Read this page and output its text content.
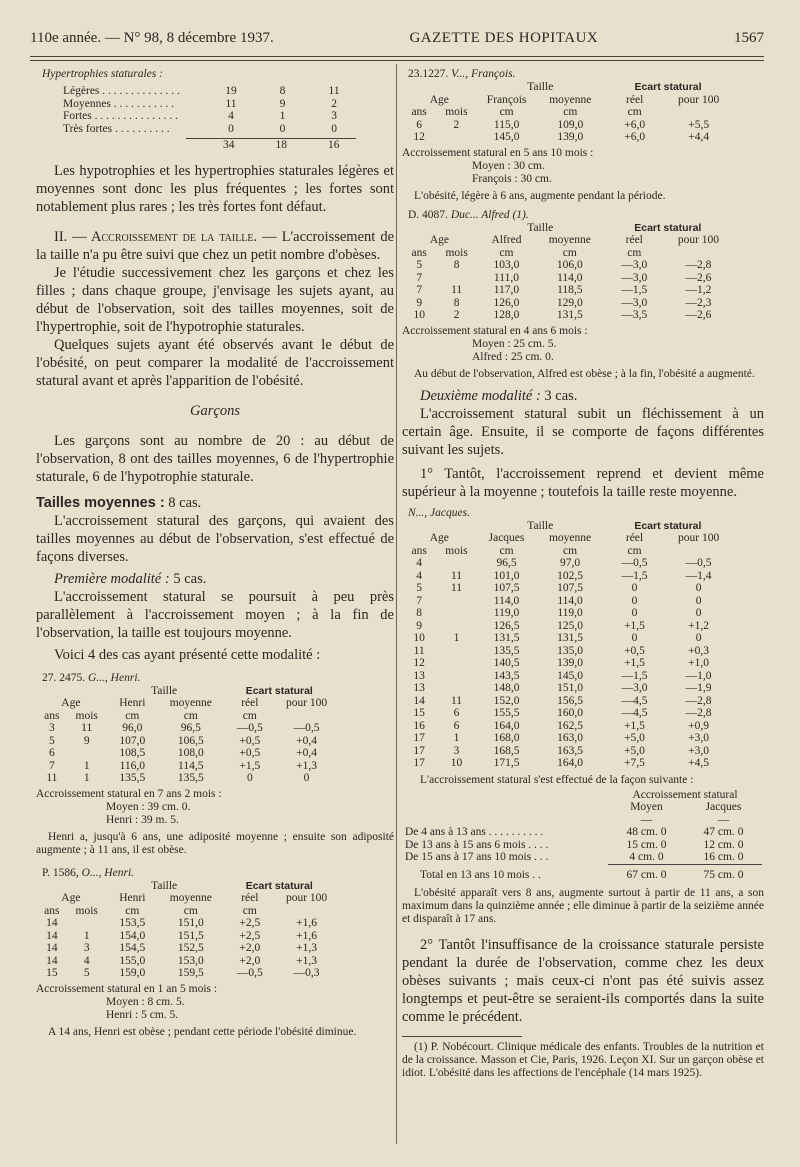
110e année. — N° 98, 8 décembre 1937.	GAZETTE DES HOPITAUX	1567
Hypertrophies staturales :
Légères . . . . . . . . . . . . . .	19	8	11
Moyennes . . . . . . . . . . .	11	9	2
Fortes . . . . . . . . . . . . . . .	4	1	3
Très fortes . . . . . . . . . .	0	0	0
	34	18	16

Les hypotrophies et les hypertrophies staturales légères et moyennes sont donc les plus fréquentes ; les fortes sont notablement plus rares ; les très fortes font défaut.

II. — Accroissement de la taille. — L'accroissement de la taille n'a pu être suivi que chez un petit nombre d'obèses.

Je l'étudie successivement chez les garçons et chez les filles ; dans chaque groupe, j'envisage les sujets ayant, au début de l'observation, soit des tailles moyennes, soit de l'hypertrophie, soit de l'hypotrophie staturales.

Quelques sujets ayant été observés avant le début de l'obésité, on peut comparer la modalité de l'accroissement statural avant et après l'apparition de l'obésité.

Garçons

Les garçons sont au nombre de 20 : au début de l'observation, 8 ont des tailles moyennes, 6 de l'hypertrophie staturale, 6 de l'hypotrophie staturale.

Tailles moyennes : 8 cas.

L'accroissement statural des garçons, qui avaient des tailles moyennes au début de l'observation, s'est effectué de façons diverses.

Première modalité : 5 cas.

L'accroissement statural se poursuit à peu près parallèlement à l'accroissement moyen ; à la fin de l'observation, la taille est toujours moyenne.

Voici 4 des cas ayant présenté cette modalité :

27. 2475. G..., Henri.
		Taille		Ecart statural	
Age		Henri	moyenne	réel	pour 100
ans	mois	cm	cm	cm	
3	11	96,0	96,5	—0,5	—0,5
5	9	107,0	106,5	+0,5	+0,4
6		108,5	108,0	+0,5	+0,4
7	1	116,0	114,5	+1,5	+1,3
11	1	135,5	135,5	0	0
Accroissement statural en 7 ans 2 mois :
Moyen : 39 cm. 0.
Henri : 39 m. 5.
Henri a, jusqu'à 6 ans, une adiposité moyenne ; ensuite son adiposité augmente ; à 11 ans, il est obèse.
P. 1586, O..., Henri.
		Taille		Ecart statural	
Age		Henri	moyenne	réel	pour 100
ans	mois	cm	cm	cm	
14		153,5	151,0	+2,5	+1,6
14	1	154,0	151,5	+2,5	+1,6
14	3	154,5	152,5	+2,0	+1,3
14	4	155,0	153,0	+2,0	+1,3
15	5	159,0	159,5	—0,5	—0,3
Accroissement statural en 1 an 5 mois :
Moyen : 8 cm. 5.
Henri : 5 cm. 5.
A 14 ans, Henri est obèse ; pendant cette période l'obésité diminue.
23.1227. V..., François.
		Taille		Ecart statural	
Age		François	moyenne	réel	pour 100
ans	mois	cm	cm	cm	
6	2	115,0	109,0	+6,0	+5,5
12		145,0	139,0	+6,0	+4,4
Accroissement statural en 5 ans 10 mois :
Moyen : 30 cm.
François : 30 cm.
L'obésité, légère à 6 ans, augmente pendant la période.
D. 4087. Duc... Alfred (1).
		Taille		Ecart statural	
Age		Alfred	moyenne	réel	pour 100
ans	mois	cm	cm	cm	
5	8	103,0	106,0	—3,0	—2,8
7		111,0	114,0	—3,0	—2,6
7	11	117,0	118,5	—1,5	—1,2
9	8	126,0	129,0	—3,0	—2,3
10	2	128,0	131,5	—3,5	—2,6
Accroissement statural en 4 ans 6 mois :
Moyen : 25 cm. 5.
Alfred : 25 cm. 0.
Au début de l'observation, Alfred est obèse ; à la fin, l'obésité a augmenté.

Deuxième modalité : 3 cas.

L'accroissement statural subit un fléchissement à un certain âge. Ensuite, il se comporte de façons différentes suivant les sujets.

1° Tantôt, l'accroissement reprend et devient même supérieur à la moyenne ; toutefois la taille reste moyenne.

N..., Jacques.
		Taille		Ecart statural	
Age		Jacques	moyenne	réel	pour 100
ans	mois	cm	cm	cm	
4		96,5	97,0	—0,5	—0,5
4	11	101,0	102,5	—1,5	—1,4
5	11	107,5	107,5	0	0
7		114,0	114,0	0	0
8		119,0	119,0	0	0
9		126,5	125,0	+1,5	+1,2
10	1	131,5	131,5	0	0
11		135,5	135,0	+0,5	+0,3
12		140,5	139,0	+1,5	+1,0
13		143,5	145,0	—1,5	—1,0
13		148,0	151,0	—3,0	—1,9
14	11	152,0	156,5	—4,5	—2,8
15	6	155,5	160,0	—4,5	—2,8
16	6	164,0	162,5	+1,5	+0,9
17	1	168,0	163,0	+5,0	+3,0
17	3	168,5	163,5	+5,0	+3,0
17	10	171,5	164,0	+7,5	+4,5

L'accroissement statural s'est effectué de la façon suivante :

	Accroissement statural	
	Moyen	Jacques
	—	—
De 4 ans à 13 ans . . . . . . . . . .	48 cm. 0	47 cm. 0
De 13 ans à 15 ans 6 mois . . . .	15 cm. 0	12 cm. 0
De 15 ans à 17 ans 10 mois . . .	4 cm. 0	16 cm. 0

Total en 13 ans 10 mois . .	67 cm. 0	75 cm. 0

L'obésité apparaît vers 8 ans, augmente surtout à partir de 11 ans, a son maximum dans la quinzième année ; elle diminue à partir de la seizième année et disparaît à 17 ans.

2° Tantôt l'insuffisance de la croissance staturale persiste pendant la durée de l'observation, comme chez les deux obèses suivants ; mais ceux-ci n'ont pas été suivis assez longtemps et peut-être se seraient-ils comportés dans la suite comme le précédent.

(1) P. Nobécourt. Clinique médicale des enfants. Troubles de la nutrition et de la croissance. Masson et Cie, Paris, 1926. Leçon XI. Sur un garçon obèse et idiot. L'obésité dans les affections de l'encéphale (14 mars 1925).
